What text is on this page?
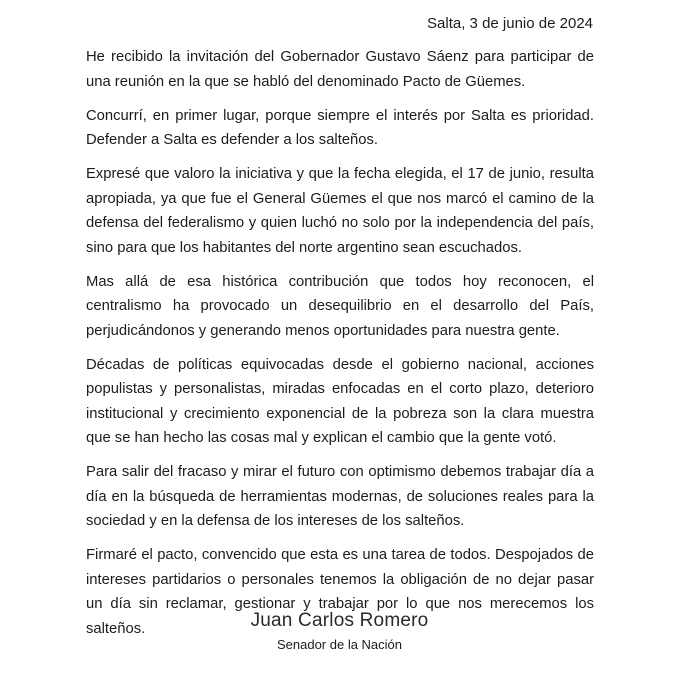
Salta, 3 de junio de 2024

He recibido la invitación del Gobernador Gustavo Sáenz para participar de una reunión en la que se habló del denominado Pacto de Güemes.

Concurrí, en primer lugar, porque siempre el interés por Salta es prioridad. Defender a Salta es defender a los salteños.

Expresé que valoro la iniciativa y que la fecha elegida, el 17 de junio, resulta apropiada, ya que fue el General Güemes el que nos marcó el camino de la defensa del federalismo y quien luchó no solo por la independencia del país, sino para que los habitantes del norte argentino sean escuchados.

Mas allá de esa histórica contribución que todos hoy reconocen, el centralismo ha provocado un desequilibrio en el desarrollo del País, perjudicándonos y generando menos oportunidades para nuestra gente.

Décadas de políticas equivocadas desde el gobierno nacional, acciones populistas y personalistas, miradas enfocadas en el corto plazo, deterioro institucional y crecimiento exponencial de la pobreza son la clara muestra que se han hecho las cosas mal y explican el cambio que la gente votó.

Para salir del fracaso y mirar el futuro con optimismo debemos trabajar día a día en la búsqueda de herramientas modernas, de soluciones reales para la sociedad y en la defensa de los intereses de los salteños.

Firmaré el pacto, convencido que esta es una tarea de todos. Despojados de intereses partidarios o personales tenemos la obligación de no dejar pasar un día sin reclamar, gestionar y trabajar por lo que nos merecemos los salteños.	Juan Carlos Romero
Senador de la Nación
